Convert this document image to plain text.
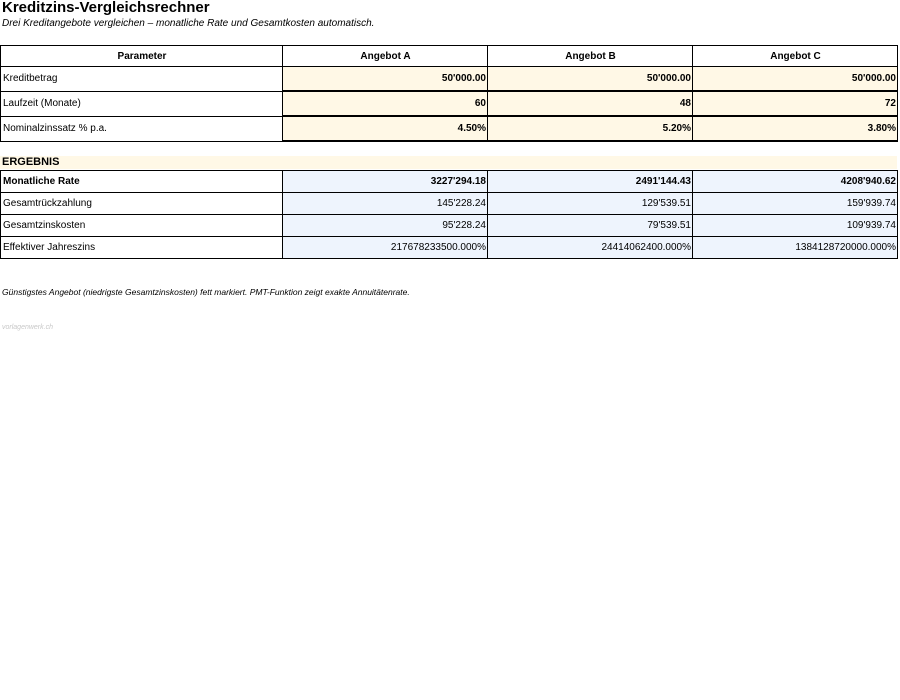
Kreditzins-Vergleichsrechner
Drei Kreditangebote vergleichen – monatliche Rate und Gesamtkosten automatisch.
Parameter	Angebot A	Angebot B	Angebot C
Kreditbetrag	50'000.00	50'000.00	50'000.00
Laufzeit (Monate)	60	48	72
Nominalzinssatz % p.a.	4.50%	5.20%	3.80%
ERGEBNIS
Monatliche Rate	3227'294.18	2491'144.43	4208'940.62
Gesamtrückzahlung	145'228.24	129'539.51	159'939.74
Gesamtzinskosten	95'228.24	79'539.51	109'939.74
Effektiver Jahreszins	217678233500.000%	24414062400.000%	1384128720000.000%
Günstigstes Angebot (niedrigste Gesamtzinskosten) fett markiert. PMT-Funktion zeigt exakte Annuitätenrate.
vorlagenwerk.ch
